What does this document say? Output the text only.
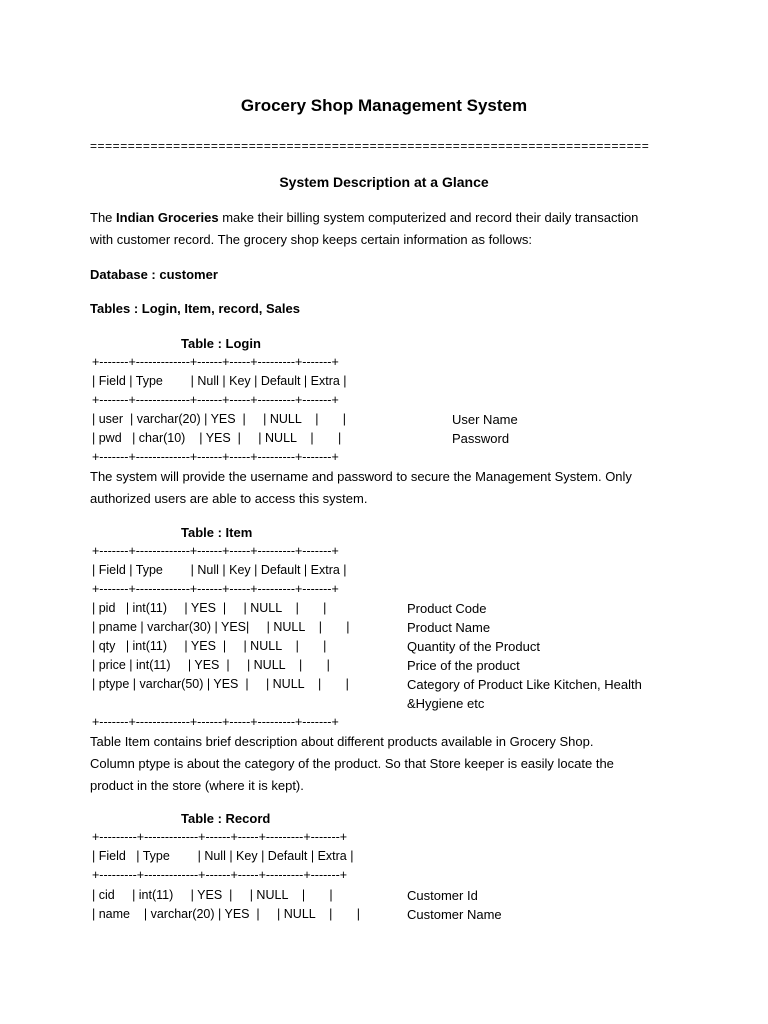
Grocery Shop Management System
==========================================================================
System Description at a Glance
The Indian Groceries make their billing system computerized and record their daily transaction
with customer record. The grocery shop keeps certain information as follows:
Database : customer
Tables : Login, Item, record, Sales
Table : Login
+-------+-------------+------+-----+---------+-------+
| Field | Type        | Null | Key | Default | Extra |
+-------+-------------+------+-----+---------+-------+
| user  | varchar(20) | YES  |     | NULL    |       |	User Name
| pwd   | char(10)    | YES  |     | NULL    |       |	Password
+-------+-------------+------+-----+---------+-------+
The system will provide the username and password to secure the Management System. Only
authorized users are able to access this system.
Table : Item
+-------+-------------+------+-----+---------+-------+
| Field | Type        | Null | Key | Default | Extra |
+-------+-------------+------+-----+---------+-------+
| pid   | int(11)     | YES  |     | NULL    |       |	Product Code
| pname | varchar(30) | YES|     | NULL    |       |	Product Name
| qty   | int(11)     | YES  |     | NULL    |       |	Quantity of the Product
| price | int(11)     | YES  |     | NULL    |       |	Price of the product
| ptype | varchar(50) | YES  |     | NULL    |       |	Category of Product Like Kitchen, Health
&Hygiene etc
+-------+-------------+------+-----+---------+-------+
Table Item contains brief description about different products available in Grocery Shop.
Column ptype is about the category of the product. So that Store keeper is easily locate the
product in the store (where it is kept).
Table : Record
+---------+-------------+------+-----+---------+-------+
| Field   | Type        | Null | Key | Default | Extra |
+---------+-------------+------+-----+---------+-------+
| cid     | int(11)     | YES  |     | NULL    |       |	Customer Id
| name    | varchar(20) | YES  |     | NULL    |       |	Customer Name
